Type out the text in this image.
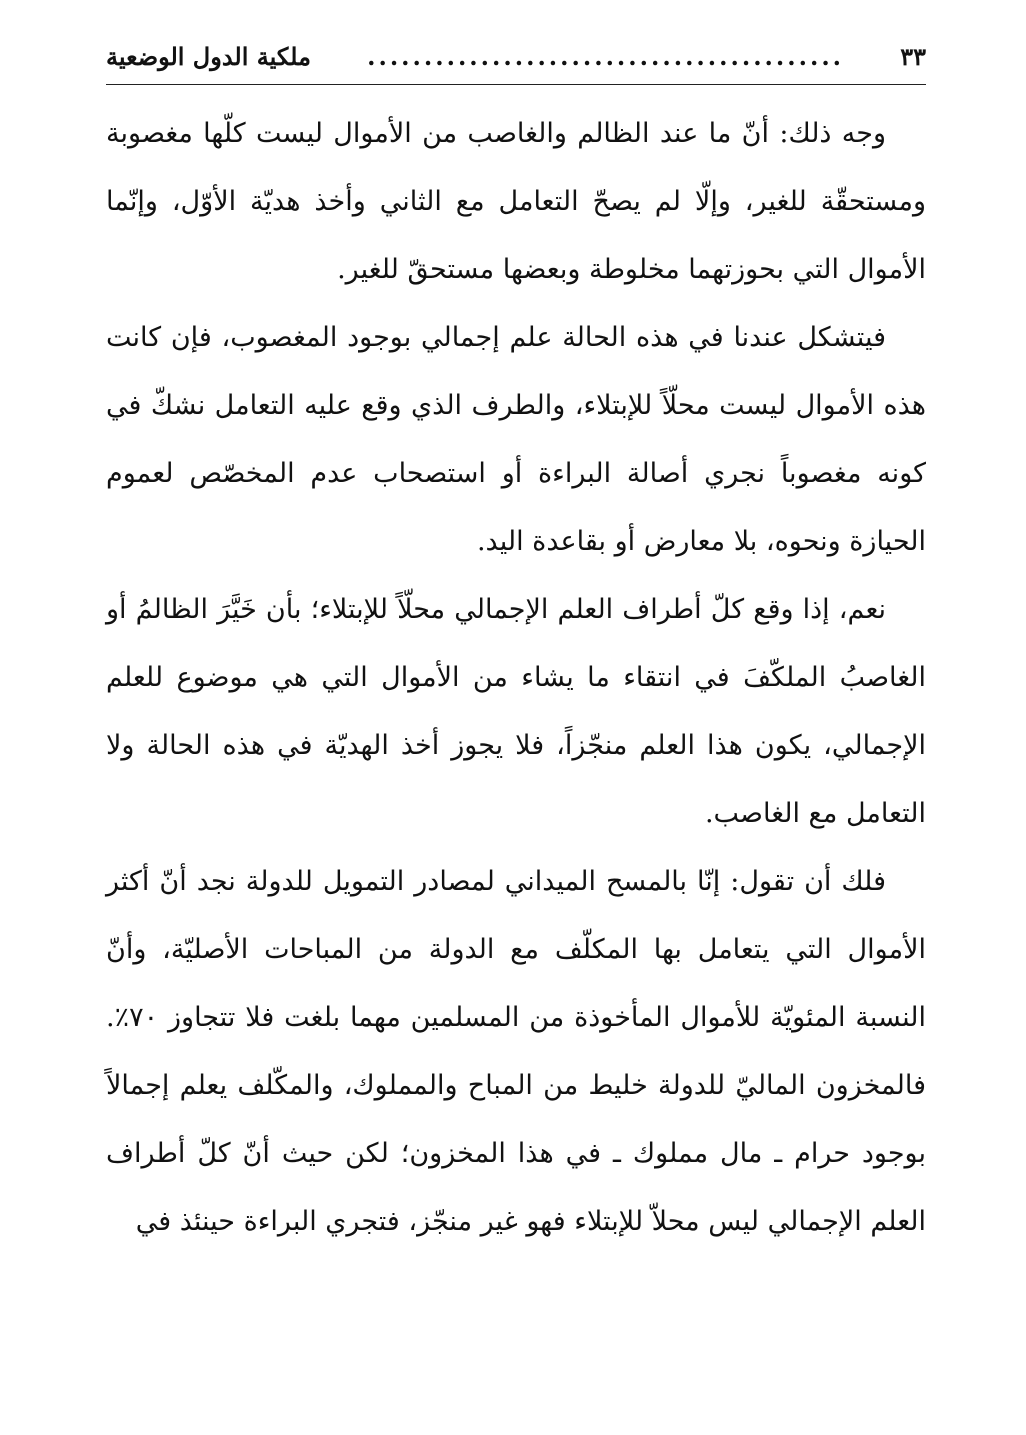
٣٣
..........................................
ملكية الدول الوضعية

وجه ذلك: أنّ ما عند الظالم والغاصب من الأموال ليست كلّها مغصوبة ومستحقّة للغير، وإلّا لم يصحّ التعامل مع الثاني وأخذ هديّة الأوّل، وإنّما الأموال التي بحوزتهما مخلوطة وبعضها مستحقّ للغير.

فيتشكل عندنا في هذه الحالة علم إجمالي بوجود المغصوب، فإن كانت هذه الأموال ليست محلّاً للإبتلاء، والطرف الذي وقع عليه التعامل نشكّ في كونه مغصوباً نجري أصالة البراءة أو استصحاب عدم المخصّص لعموم الحيازة ونحوه، بلا معارض أو بقاعدة اليد.

نعم، إذا وقع كلّ أطراف العلم الإجمالي محلّاً للإبتلاء؛ بأن خَيَّرَ الظالمُ أو الغاصبُ الملكّفَ في انتقاء ما يشاء من الأموال التي هي موضوع للعلم الإجمالي، يكون هذا العلم منجّزاً، فلا يجوز أخذ الهديّة في هذه الحالة ولا التعامل مع الغاصب.

فلك أن تقول: إنّا بالمسح الميداني لمصادر التمويل للدولة نجد أنّ أكثر الأموال التي يتعامل بها المكلّف مع الدولة من المباحات الأصليّة، وأنّ النسبة المئويّة للأموال المأخوذة من المسلمين مهما بلغت فلا تتجاوز ٧٠٪. فالمخزون الماليّ للدولة خليط من المباح والمملوك، والمكّلف يعلم إجمالاً بوجود حرام ـ مال مملوك ـ في هذا المخزون؛ لكن حيث أنّ كلّ أطراف العلم الإجمالي ليس محلاّ للإبتلاء فهو غير منجّز، فتجري البراءة حينئذ في
